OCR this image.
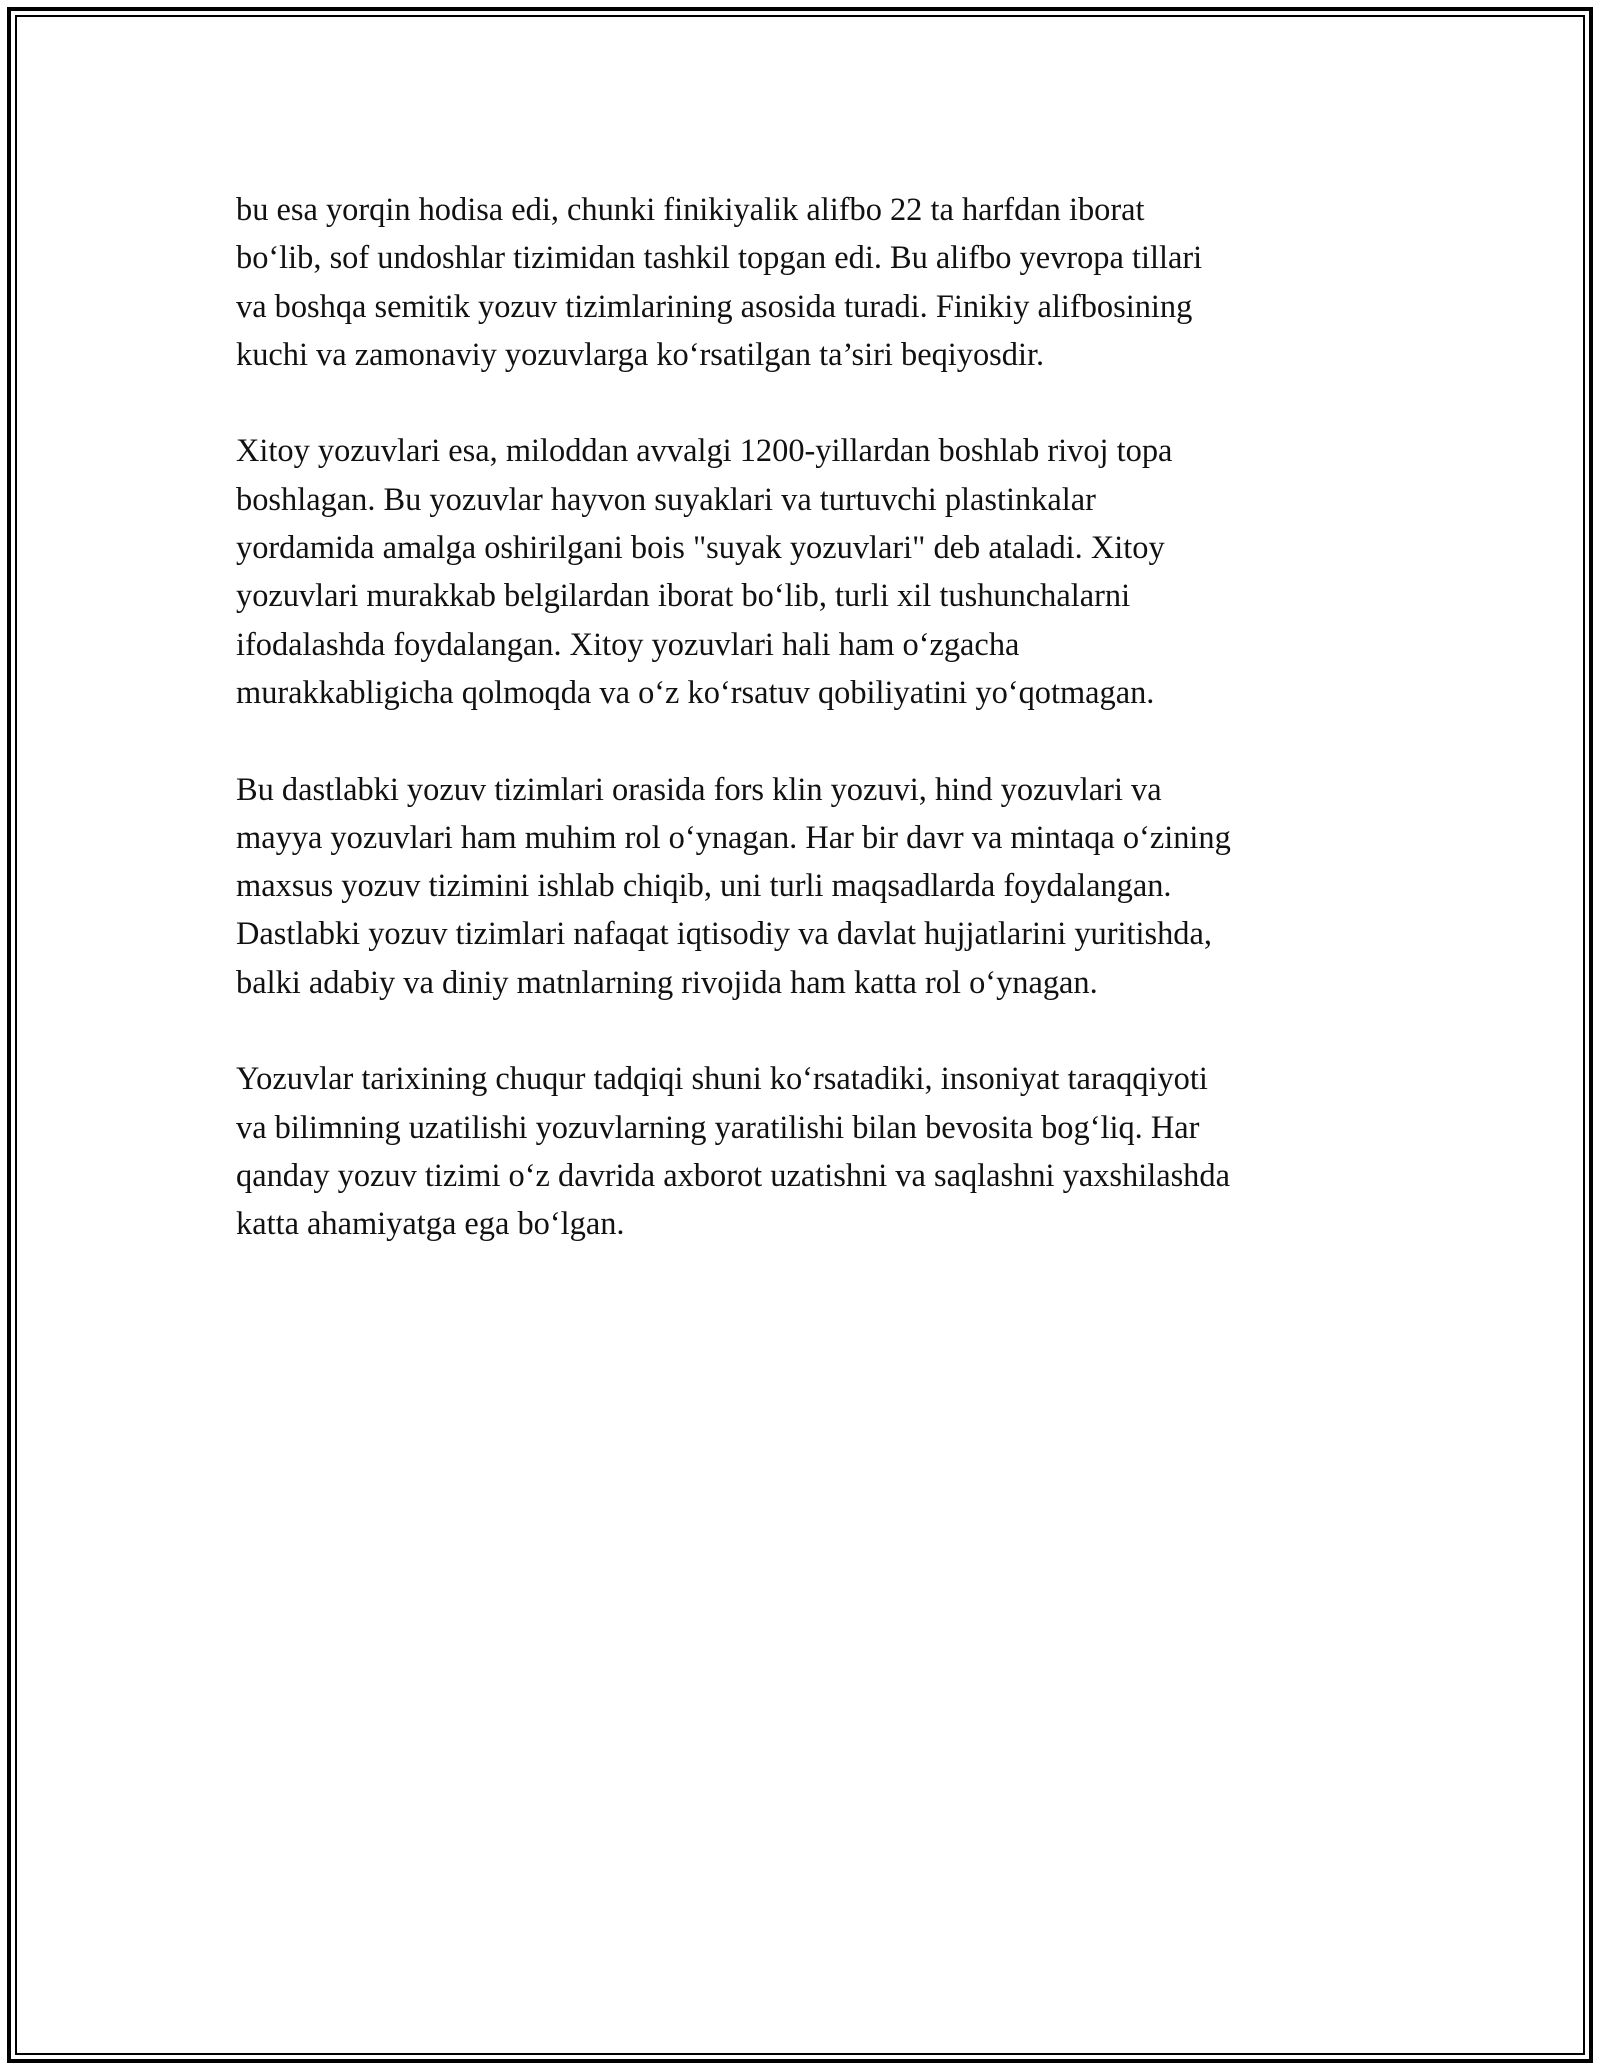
bu esa yorqin hodisa edi, chunki finikiyalik alifbo 22 ta harfdan iborat
bo‘lib, sof undoshlar tizimidan tashkil topgan edi. Bu alifbo yevropa tillari
va boshqa semitik yozuv tizimlarining asosida turadi. Finikiy alifbosining
kuchi va zamonaviy yozuvlarga ko‘rsatilgan ta’siri beqiyosdir.

Xitoy yozuvlari esa, miloddan avvalgi 1200-yillardan boshlab rivoj topa
boshlagan. Bu yozuvlar hayvon suyaklari va turtuvchi plastinkalar
yordamida amalga oshirilgani bois "suyak yozuvlari" deb ataladi. Xitoy
yozuvlari murakkab belgilardan iborat bo‘lib, turli xil tushunchalarni
ifodalashda foydalangan. Xitoy yozuvlari hali ham o‘zgacha
murakkabligicha qolmoqda va o‘z ko‘rsatuv qobiliyatini yo‘qotmagan.

Bu dastlabki yozuv tizimlari orasida fors klin yozuvi, hind yozuvlari va
mayya yozuvlari ham muhim rol o‘ynagan. Har bir davr va mintaqa o‘zining
maxsus yozuv tizimini ishlab chiqib, uni turli maqsadlarda foydalangan.
Dastlabki yozuv tizimlari nafaqat iqtisodiy va davlat hujjatlarini yuritishda,
balki adabiy va diniy matnlarning rivojida ham katta rol o‘ynagan.

Yozuvlar tarixining chuqur tadqiqi shuni ko‘rsatadiki, insoniyat taraqqiyoti
va bilimning uzatilishi yozuvlarning yaratilishi bilan bevosita bog‘liq. Har
qanday yozuv tizimi o‘z davrida axborot uzatishni va saqlashni yaxshilashda
katta ahamiyatga ega bo‘lgan.
